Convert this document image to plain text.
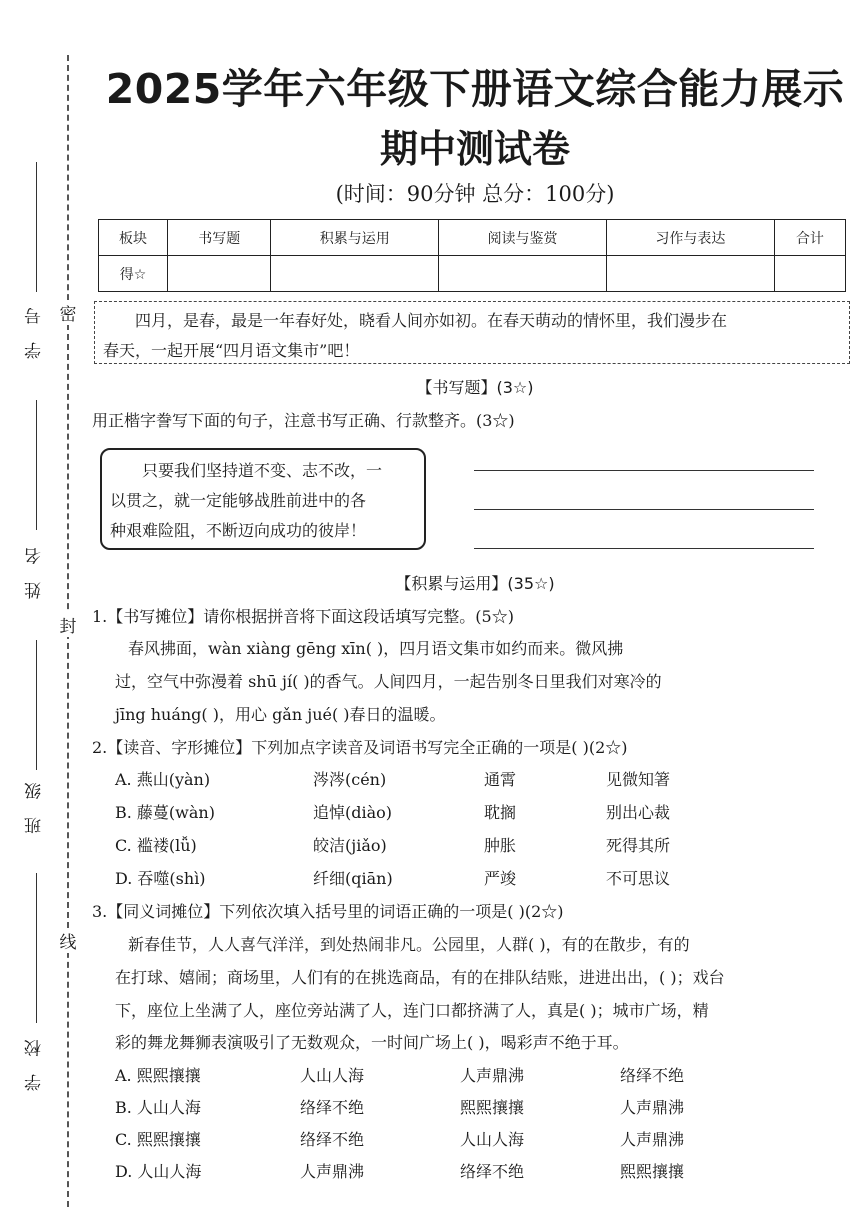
密
封
线
学 号
姓 名
班 级
学 校
2025学年六年级下册语文综合能力展示
期中测试卷
(时间：90分钟 总分：100分)
板块	书写题	积累与运用	阅读与鉴赏	习作与表达	合计
得☆					
四月，是春，最是一年春好处，晓看人间亦如初。在春天萌动的情怀里，我们漫步在
春天，一起开展“四月语文集市”吧！
【书写题】(3☆)
用正楷字誊写下面的句子，注意书写正确、行款整齐。(3☆)
只要我们坚持道不变、志不改，一
以贯之，就一定能够战胜前进中的各
种艰难险阻，不断迈向成功的彼岸！
【积累与运用】(35☆)
1.【书写摊位】请你根据拼音将下面这段话填写完整。(5☆)
春风拂面，wàn xiàng gēng xīn( )，四月语文集市如约而来。微风拂
过，空气中弥漫着 shū jí( )的香气。人间四月，一起告别冬日里我们对寒冷的
jīng huáng( )，用心 gǎn jué( )春日的温暖。
2.【读音、字形摊位】下列加点字读音及词语书写完全正确的一项是( )(2☆)
A. 燕山(yàn)	涔涔(cén)	通霄	见微知箸
B. 藤蔓(wàn)	追悼(diào)	耽搁	别出心裁
C. 褴褛(lǚ)	皎洁(jiǎo)	肿胀	死得其所
D. 吞噬(shì)	纤细(qiān)	严竣	不可思议
3.【同义词摊位】下列依次填入括号里的词语正确的一项是( )(2☆)
新春佳节，人人喜气洋洋，到处热闹非凡。公园里，人群( )，有的在散步，有的
在打球、嬉闹；商场里，人们有的在挑选商品，有的在排队结账，进进出出，( )；戏台
下，座位上坐满了人，座位旁站满了人，连门口都挤满了人，真是( )；城市广场，精
彩的舞龙舞狮表演吸引了无数观众，一时间广场上( )，喝彩声不绝于耳。
A. 熙熙攘攘	人山人海	人声鼎沸	络绎不绝
B. 人山人海	络绎不绝	熙熙攘攘	人声鼎沸
C. 熙熙攘攘	络绎不绝	人山人海	人声鼎沸
D. 人山人海	人声鼎沸	络绎不绝	熙熙攘攘
